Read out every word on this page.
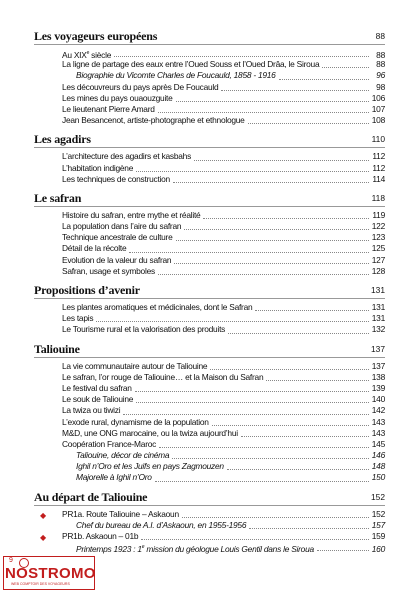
Les voyageurs européens	88
Au XIXe siècle	88
La ligne de partage des eaux entre l’Oued Souss et l’Oued Drâa, le Siroua	88
Biographie du Vicomte Charles de Foucauld, 1858 - 1916	96
Les découvreurs du pays après De Foucauld	98
Les mines du pays ouaouzguite	106
Le lieutenant Pierre Amard	107
Jean Besancenot, artiste-photographe et ethnologue	108
Les agadirs	110
L’architecture des agadirs et kasbahs	112
L’habitation indigène	112
Les techniques de construction	114
Le safran	118
Histoire du safran, entre mythe et réalité	119
La population dans l’aire du safran	122
Technique ancestrale de culture	123
Détail de la récolte	125
Evolution de la valeur du safran	127
Safran, usage et symboles	128
Propositions d’avenir	131
Les plantes aromatiques et médicinales, dont le Safran	131
Les tapis	131
Le Tourisme rural et la valorisation des produits	132
Taliouine	137
La vie communautaire autour de Taliouine	137
Le safran, l’or rouge de Taliouine… et la Maison du Safran	138
Le festival du safran	139
Le souk de Taliouine	140
La twiza ou tiwizi	142
L’exode rural, dynamisme de la population	143
M&D, une ONG marocaine, ou la twiza aujourd’hui	143
Coopération France-Maroc	145
Taliouine, décor de cinéma	146
Ighil n’Oro et les Juifs en pays Zagmouzen	148
Majorelle à Ighil n’Oro	150
Au départ de Taliouine	152
◆ PR1a. Route Taliouine – Askaoun	152
Chef du bureau de A.I. d’Askaoun, en 1955-1956	157
◆ PR1b. Askaoun – 01b	159
Printemps 1923 : 1e mission du géologue Louis Gentil dans le Siroua	160
9
NOSTROMO
WEB COMPTOIR DES VOYAGEURS
